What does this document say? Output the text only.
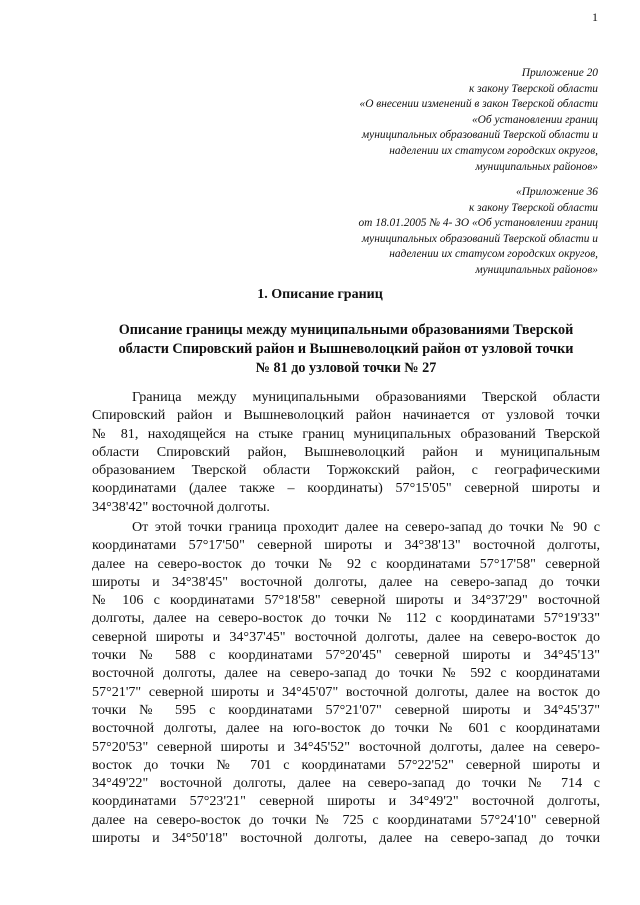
1
Приложение 20
к закону Тверской области
«О внесении изменений в закон Тверской области
«Об установлении границ
муниципальных образований Тверской области и
наделении их статусом городских округов,
муниципальных районов»
«Приложение 36
к закону Тверской области
от 18.01.2005 № 4- ЗО «Об установлении границ
муниципальных образований Тверской области и
наделении их статусом городских округов,
муниципальных районов»
1. Описание границ
Описание границы между муниципальными образованиями Тверской
области Спировский район и Вышневолоцкий район от узловой точки
№ 81 до узловой точки № 27
Граница между муниципальными образованиями Тверской области
Спировский район и Вышневолоцкий район начинается от узловой точки
№ 81, находящейся на стыке границ муниципальных образований Тверской
области Спировский район, Вышневолоцкий район и муниципальным
образованием Тверской области Торжокский район, с географическими
координатами (далее также – координаты) 57°15'05" северной широты и
34°38'42" восточной долготы.
От этой точки граница проходит далее на северо-запад до точки № 90 с
координатами 57°17'50" северной широты и 34°38'13" восточной долготы,
далее на северо-восток до точки № 92 с координатами 57°17'58" северной
широты и 34°38'45" восточной долготы, далее на северо-запад до точки
№ 106 с координатами 57°18'58" северной широты и 34°37'29" восточной
долготы, далее на северо-восток до точки № 112 с координатами 57°19'33"
северной широты и 34°37'45" восточной долготы, далее на северо-восток до
точки № 588 с координатами 57°20'45" северной широты и 34°45'13"
восточной долготы, далее на северо-запад до точки № 592 с координатами
57°21'7" северной широты и 34°45'07" восточной долготы, далее на восток до
точки № 595 с координатами 57°21'07" северной широты и 34°45'37"
восточной долготы, далее на юго-восток до точки № 601 с координатами
57°20'53" северной широты и 34°45'52" восточной долготы, далее на северо-
восток до точки № 701 с координатами 57°22'52" северной широты и
34°49'22" восточной долготы, далее на северо-запад до точки № 714 с
координатами 57°23'21" северной широты и 34°49'2" восточной долготы,
далее на северо-восток до точки № 725 с координатами 57°24'10" северной
широты и 34°50'18" восточной долготы, далее на северо-запад до точки
